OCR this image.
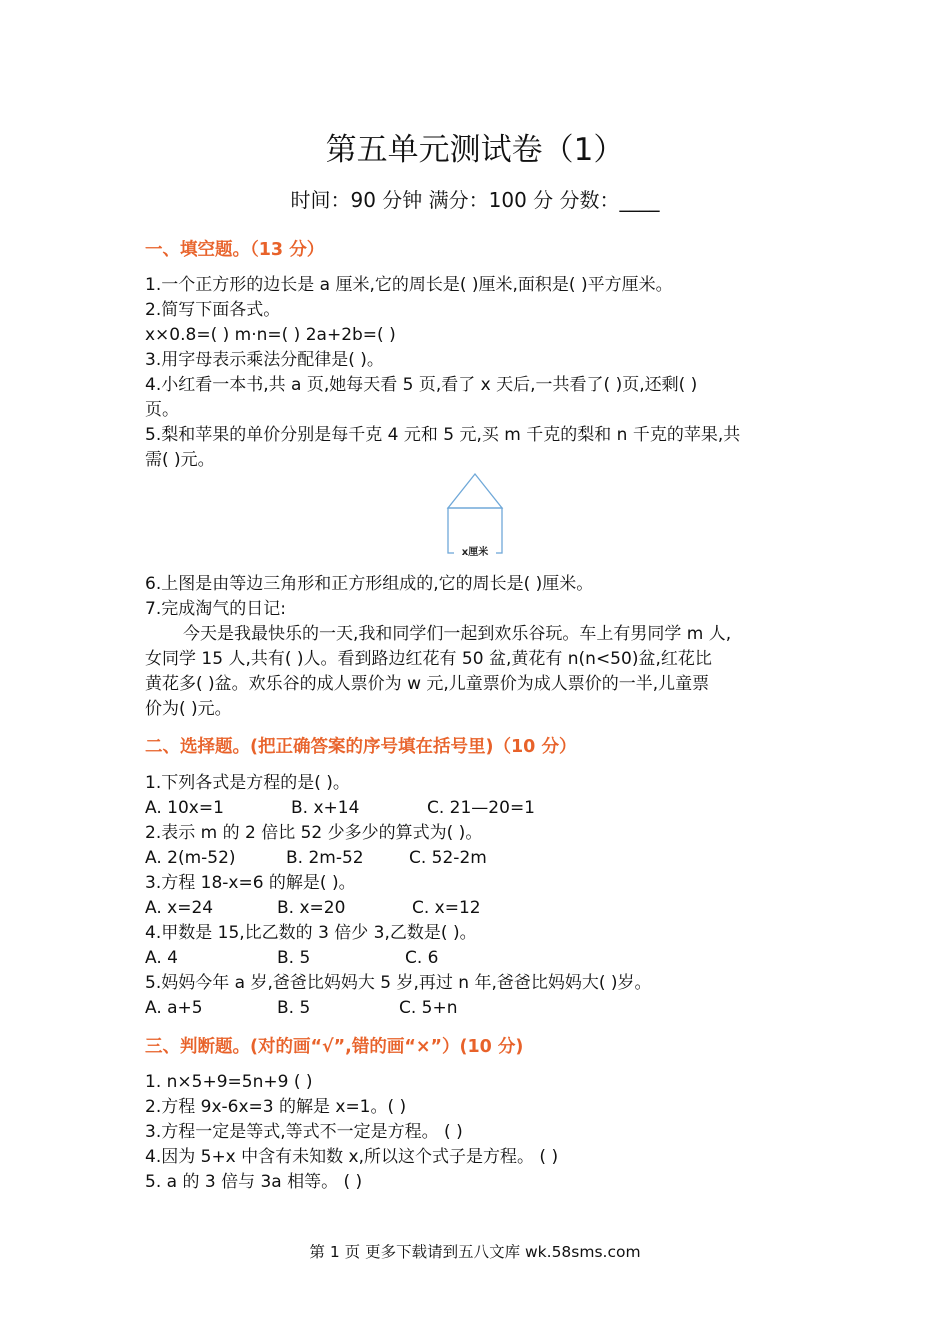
第五单元测试卷（1）
时间：90 分钟 满分：100 分 分数：____
一、填空题。（13 分）
1.一个正方形的边长是 a 厘米,它的周长是( )厘米,面积是( )平方厘米。
2.简写下面各式。
x×0.8=( ) m·n=( ) 2a+2b=( )
3.用字母表示乘法分配律是( )。
4.小红看一本书,共 a 页,她每天看 5 页,看了 x 天后,一共看了( )页,还剩( )
页。
5.梨和苹果的单价分别是每千克 4 元和 5 元,买 m 千克的梨和 n 千克的苹果,共
需( )元。
x厘米
6.上图是由等边三角形和正方形组成的,它的周长是( )厘米。
7.完成淘气的日记:
今天是我最快乐的一天,我和同学们一起到欢乐谷玩。车上有男同学 m 人,
女同学 15 人,共有( )人。看到路边红花有 50 盆,黄花有 n(n<50)盆,红花比
黄花多( )盆。欢乐谷的成人票价为 w 元,儿童票价为成人票价的一半,儿童票
价为( )元。
二、选择题。(把正确答案的序号填在括号里)（10 分）
1.下列各式是方程的是( )。
A. 10x=1	B. x+14	C. 21—20=1
2.表示 m 的 2 倍比 52 少多少的算式为( )。
A. 2(m-52)	B. 2m-52	C. 52-2m
3.方程 18-x=6 的解是( )。
A. x=24	B. x=20	C. x=12
4.甲数是 15,比乙数的 3 倍少 3,乙数是( )。
A. 4	B. 5	C. 6
5.妈妈今年 a 岁,爸爸比妈妈大 5 岁,再过 n 年,爸爸比妈妈大( )岁。
A. a+5	B. 5	C. 5+n
三、判断题。(对的画“√”,错的画“×”）(10 分)
1. n×5+9=5n+9 ( )
2.方程 9x-6x=3 的解是 x=1。( )
3.方程一定是等式,等式不一定是方程。 ( )
4.因为 5+x 中含有未知数 x,所以这个式子是方程。 ( )
5. a 的 3 倍与 3a 相等。 ( )
第 1 页 更多下载请到五八文库 wk.58sms.com
